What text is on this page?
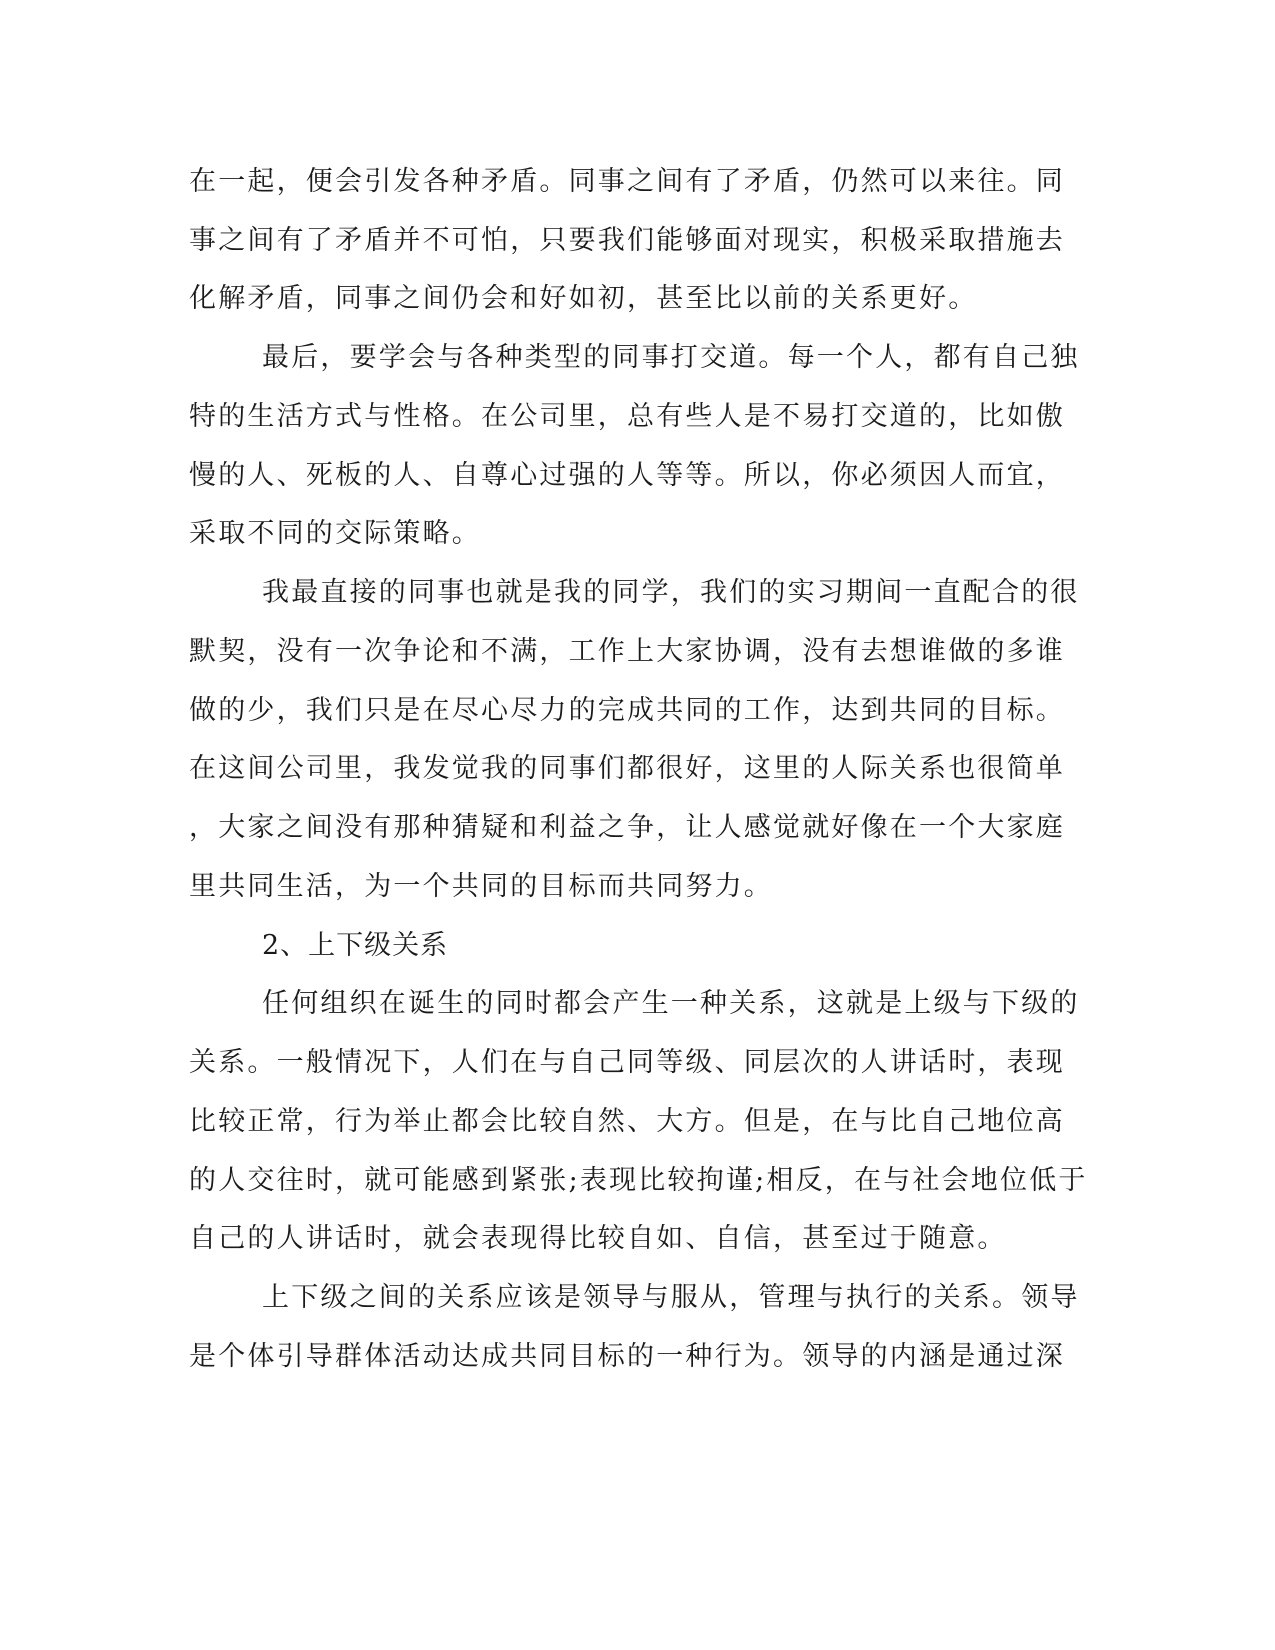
在一起，便会引发各种矛盾。同事之间有了矛盾，仍然可以来往。同
事之间有了矛盾并不可怕，只要我们能够面对现实，积极采取措施去
化解矛盾，同事之间仍会和好如初，甚至比以前的关系更好。
最后，要学会与各种类型的同事打交道。每一个人，都有自己独
特的生活方式与性格。在公司里，总有些人是不易打交道的，比如傲
慢的人、死板的人、自尊心过强的人等等。所以，你必须因人而宜，
采取不同的交际策略。
我最直接的同事也就是我的同学，我们的实习期间一直配合的很
默契，没有一次争论和不满，工作上大家协调，没有去想谁做的多谁
做的少，我们只是在尽心尽力的完成共同的工作，达到共同的目标。
在这间公司里，我发觉我的同事们都很好，这里的人际关系也很简单
，大家之间没有那种猜疑和利益之争，让人感觉就好像在一个大家庭
里共同生活，为一个共同的目标而共同努力。
2、上下级关系
任何组织在诞生的同时都会产生一种关系，这就是上级与下级的
关系。一般情况下，人们在与自己同等级、同层次的人讲话时，表现
比较正常，行为举止都会比较自然、大方。但是，在与比自己地位高
的人交往时，就可能感到紧张;表现比较拘谨;相反，在与社会地位低于
自己的人讲话时，就会表现得比较自如、自信，甚至过于随意。
上下级之间的关系应该是领导与服从，管理与执行的关系。领导
是个体引导群体活动达成共同目标的一种行为。领导的内涵是通过深
